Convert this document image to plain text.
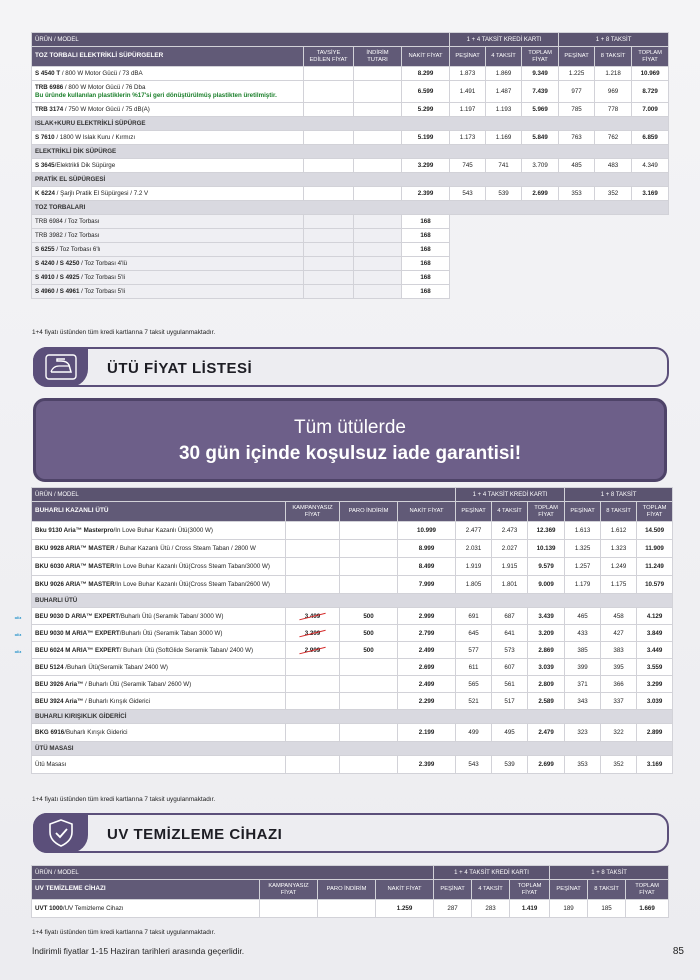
ÜRÜN / MODEL				1 + 4 TAKSİT KREDİ KARTI			1 + 8 TAKSİT		
TOZ TORBALI ELEKTRİKLİ SÜPÜRGELER	TAVSİYE EDİLEN FİYAT	İNDİRİM TUTARI	NAKİT FİYAT	PEŞİNAT	4 TAKSİT	TOPLAM FİYAT	PEŞİNAT	8 TAKSİT	TOPLAM FİYAT
S 4540 T / 800 W Motor Gücü / 73 dBA			8.299	1.873	1.869	9.349	1.225	1.218	10.969
TRB 6986 / 800 W Motor Gücü / 76 Dba
Bu üründe kullanılan plastiklerin %17'si geri dönüştürülmüş plastikten üretilmiştir.			6.599	1.491	1.487	7.439	977	969	8.729
TRB 3174 / 750 W Motor Gücü / 75 dB(A)			5.299	1.197	1.193	5.969	785	778	7.009
ISLAK+KURU ELEKTRİKLİ SÜPÜRGE									
S 7610 / 1800 W Islak Kuru / Kırmızı			5.199	1.173	1.169	5.849	763	762	6.859
ELEKTRİKLİ DİK SÜPÜRGE									
S 3645/Elektrikli Dik Süpürge			3.299	745	741	3.709	485	483	4.349
PRATİK EL SÜPÜRGESİ									
K 6224 / Şarjlı Pratik El Süpürgesi / 7.2 V			2.399	543	539	2.699	353	352	3.169
TOZ TORBALARI									
TRB 6984 / Toz Torbası			168						
TRB 3982 / Toz Torbası			168						
S 6255 / Toz Torbası 6'lı			168						
S 4240 / S 4250 / Toz Torbası 4'lü			168						
S 4910 / S 4925 / Toz Torbası 5'li			168						
S 4960 / S 4961 / Toz Torbası 5'li			168						
1+4 fiyatı üstünden tüm kredi kartlarına 7 taksit uygulanmaktadır.
ÜTÜ FİYAT LİSTESİ
Tüm ütülerde
30 gün içinde koşulsuz iade garantisi!
ÜRÜN / MODEL				1 + 4 TAKSİT KREDİ KARTI			1 + 8 TAKSİT		
BUHARLI KAZANLI ÜTÜ	KAMPANYASIZ FİYAT	PARO İNDİRİM	NAKİT FİYAT	PEŞİNAT	4 TAKSİT	TOPLAM FİYAT	PEŞİNAT	8 TAKSİT	TOPLAM FİYAT
Bku 9130 Aria™ Masterpro/In Love Buhar Kazanlı Ütü(3000 W)			10.999	2.477	2.473	12.369	1.613	1.612	14.509
BKU 9928 ARIA™ MASTER / Buhar Kazanlı Ütü / Cross Steam Taban / 2800 W			8.999	2.031	2.027	10.139	1.325	1.323	11.909
BKU 6030 ARIA™ MASTER/In Love Buhar Kazanlı Ütü(Cross Steam Taban/3000 W)			8.499	1.919	1.915	9.579	1.257	1.249	11.249
BKU 9026 ARIA™ MASTER/In Love Buhar Kazanlı Ütü(Cross Steam Taban/2600 W)			7.999	1.805	1.801	9.009	1.179	1.175	10.579
BUHARLI ÜTÜ									
BEU 9030 D ARIA™ EXPERT/Buharlı Ütü (Seramik Taban/ 3000 W)	3.499	500	2.999	691	687	3.439	465	458	4.129
BEU 9030 M ARIA™ EXPERT/Buharlı Ütü (Seramik Taban 3000 W)	3.299	500	2.799	645	641	3.209	433	427	3.849
BEU 6024 M ARIA™ EXPERT/ Buharlı Ütü (SoftGlide Seramik Taban/ 2400 W)	2.999	500	2.499	577	573	2.869	385	383	3.449
BEU 5124 /Buharlı Ütü(Seramik Taban/ 2400 W)			2.699	611	607	3.039	399	395	3.559
BEU 3926 Aria™ / Buharlı Ütü (Seramik Taban/ 2600 W)			2.499	565	561	2.809	371	366	3.299
BEU 3924 Aria™ / Buharlı Kırışık Giderici			2.299	521	517	2.589	343	337	3.039
BUHARLI KIRIŞIKLIK GİDERİCİ									
BKG 6916/Buharlı Kırışık Giderici			2.199	499	495	2.479	323	322	2.899
ÜTÜ MASASI									
Ütü Masası			2.399	543	539	2.699	353	352	3.169
oliz
oliz
oliz
1+4 fiyatı üstünden tüm kredi kartlarına 7 taksit uygulanmaktadır.
UV TEMİZLEME CİHAZI
ÜRÜN / MODEL				1 + 4 TAKSİT KREDİ KARTI			1 + 8 TAKSİT		
UV TEMİZLEME CİHAZI	KAMPANYASIZ FİYAT	PARO İNDİRİM	NAKİT FİYAT	PEŞİNAT	4 TAKSİT	TOPLAM FİYAT	PEŞİNAT	8 TAKSİT	TOPLAM FİYAT
UVT 1000/UV Temizleme Cihazı			1.259	287	283	1.419	189	185	1.669
1+4 fiyatı üstünden tüm kredi kartlarına 7 taksit uygulanmaktadır.
İndirimli fiyatlar 1-15 Haziran tarihleri arasında geçerlidir.	85
